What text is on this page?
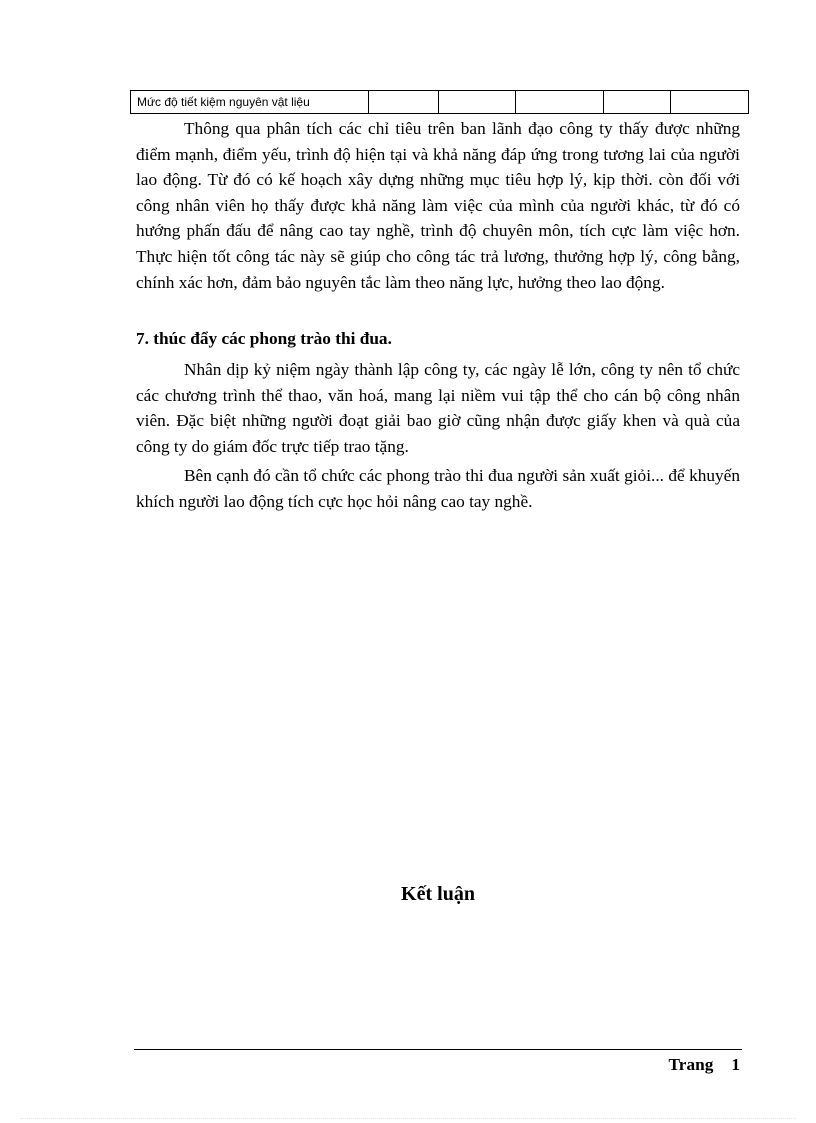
Mức độ tiết kiệm nguyên vật liệu					

Thông qua phân tích các chỉ tiêu trên ban lãnh đạo công ty thấy được những điểm mạnh, điểm yếu, trình độ hiện tại và khả năng đáp ứng trong tương lai của người lao động. Từ đó có kế hoạch xây dựng những mục tiêu hợp lý, kịp thời. còn đối với công nhân viên họ thấy được khả năng làm việc của mình của người khác, từ đó có hướng phấn đấu để nâng cao tay nghề, trình độ chuyên môn, tích cực làm việc hơn. Thực hiện tốt công tác này sẽ giúp cho công tác trả lương, thưởng hợp lý, công bằng, chính xác hơn, đảm bảo nguyên tắc làm theo năng lực, hưởng theo lao động.

7. thúc đẩy các phong trào thi đua.

Nhân dịp kỷ niệm ngày thành lập công ty, các ngày lễ lớn, công ty nên tổ chức các chương trình thể thao, văn hoá, mang lại niềm vui tập thể cho cán bộ công nhân viên. Đặc biệt những người đoạt giải bao giờ cũng nhận được giấy khen và quà của công ty do giám đốc trực tiếp trao tặng.

Bên cạnh đó cần tổ chức các phong trào thi đua người sản xuất giỏi... để khuyến khích người lao động tích cực học hỏi nâng cao tay nghề.

Kết luận
Trang 1
